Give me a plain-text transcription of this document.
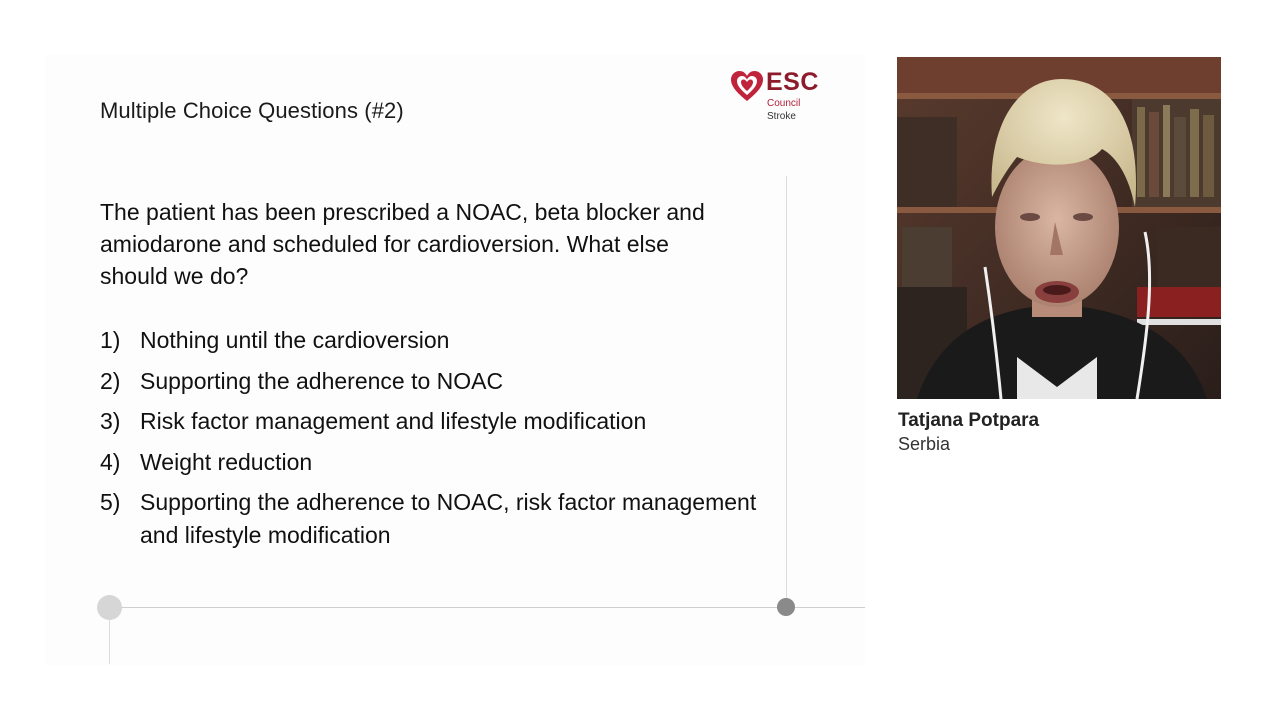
Multiple Choice Questions (#2)
ESC
Council
Stroke
The patient has been prescribed a NOAC, beta blocker and amiodarone and scheduled for cardioversion. What else should we do?
1) Nothing until the cardioversion
2) Supporting the adherence to NOAC
3) Risk factor management and lifestyle modification
4) Weight reduction
5) Supporting the adherence to NOAC, risk factor management and lifestyle modification
Tatjana Potpara
Serbia
